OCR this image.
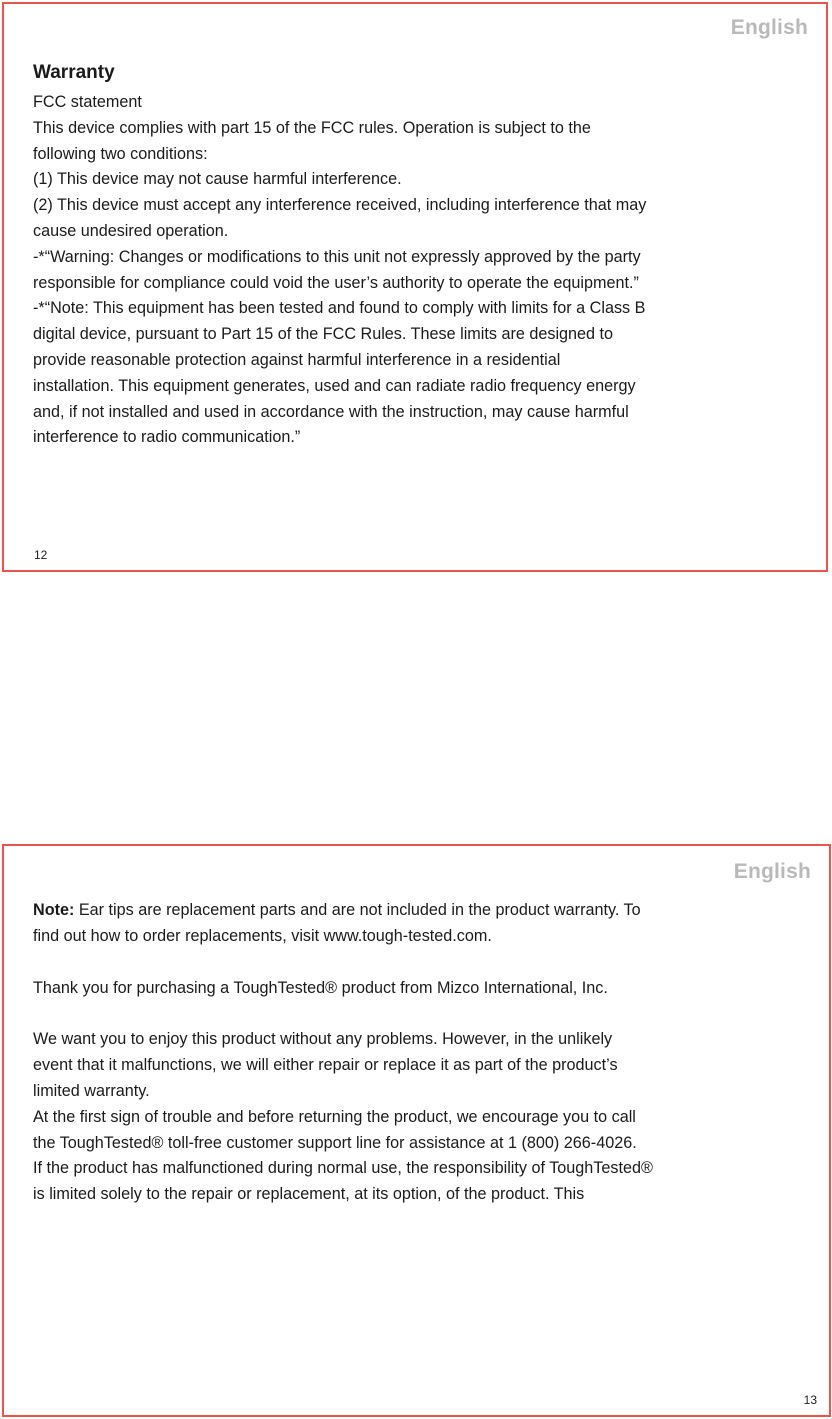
English
Warranty
FCC statement
This device complies with part 15 of the FCC rules. Operation is subject to the
following two conditions:
(1) This device may not cause harmful interference.
(2) This device must accept any interference received, including interference that may
cause undesired operation.
-*“Warning: Changes or modifications to this unit not expressly approved by the party
responsible for compliance could void the user’s authority to operate the equipment.”
-*“Note: This equipment has been tested and found to comply with limits for a Class B
digital device, pursuant to Part 15 of the FCC Rules. These limits are designed to
provide reasonable protection against harmful interference in a residential
installation. This equipment generates, used and can radiate radio frequency energy
and, if not installed and used in accordance with the instruction, may cause harmful
interference to radio communication.”
12
English
Note: Ear tips are replacement parts and are not included in the product warranty. To
find out how to order replacements, visit www.tough-tested.com.
Thank you for purchasing a ToughTested® product from Mizco International, Inc.
We want you to enjoy this product without any problems. However, in the unlikely
event that it malfunctions, we will either repair or replace it as part of the product’s
limited warranty.
At the first sign of trouble and before returning the product, we encourage you to call
the ToughTested® toll-free customer support line for assistance at 1 (800) 266-4026.
If the product has malfunctioned during normal use, the responsibility of ToughTested®
is limited solely to the repair or replacement, at its option, of the product. This
13
